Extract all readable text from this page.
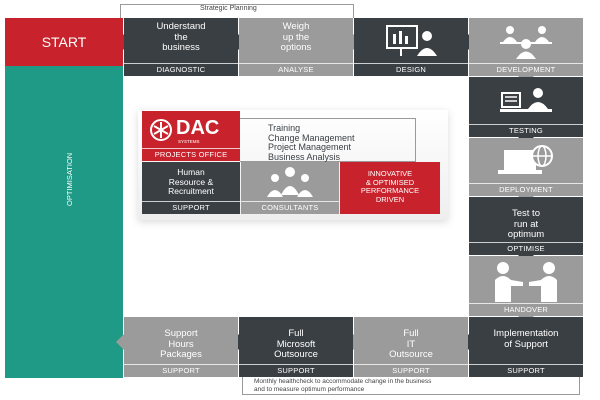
Strategic Planning
OPTIMISATION
START
Understand
the
business
DIAGNOSTIC
Weigh
up the
options
ANALYSE	DESIGN	DEVELOPMENT
TESTING
DEPLOYMENT
Test to
run at
optimum
OPTIMISE
HANDOVER
Implementation
of Support
SUPPORT
Full
IT
Outsource
SUPPORT
Full
Microsoft
Outsource
SUPPORT
Support
Hours
Packages
SUPPORT
Monthly healthcheck to accommodate change in the business
and to measure optimum performance
DAC
SYSTEMS
PROJECTS OFFICE
Training
Change Management
Project Management
Business Analysis
Human
Resource &
Recruitment
SUPPORT	CONSULTANTS
INNOVATIVE
& OPTIMISED
PERFORMANCE
DRIVEN
